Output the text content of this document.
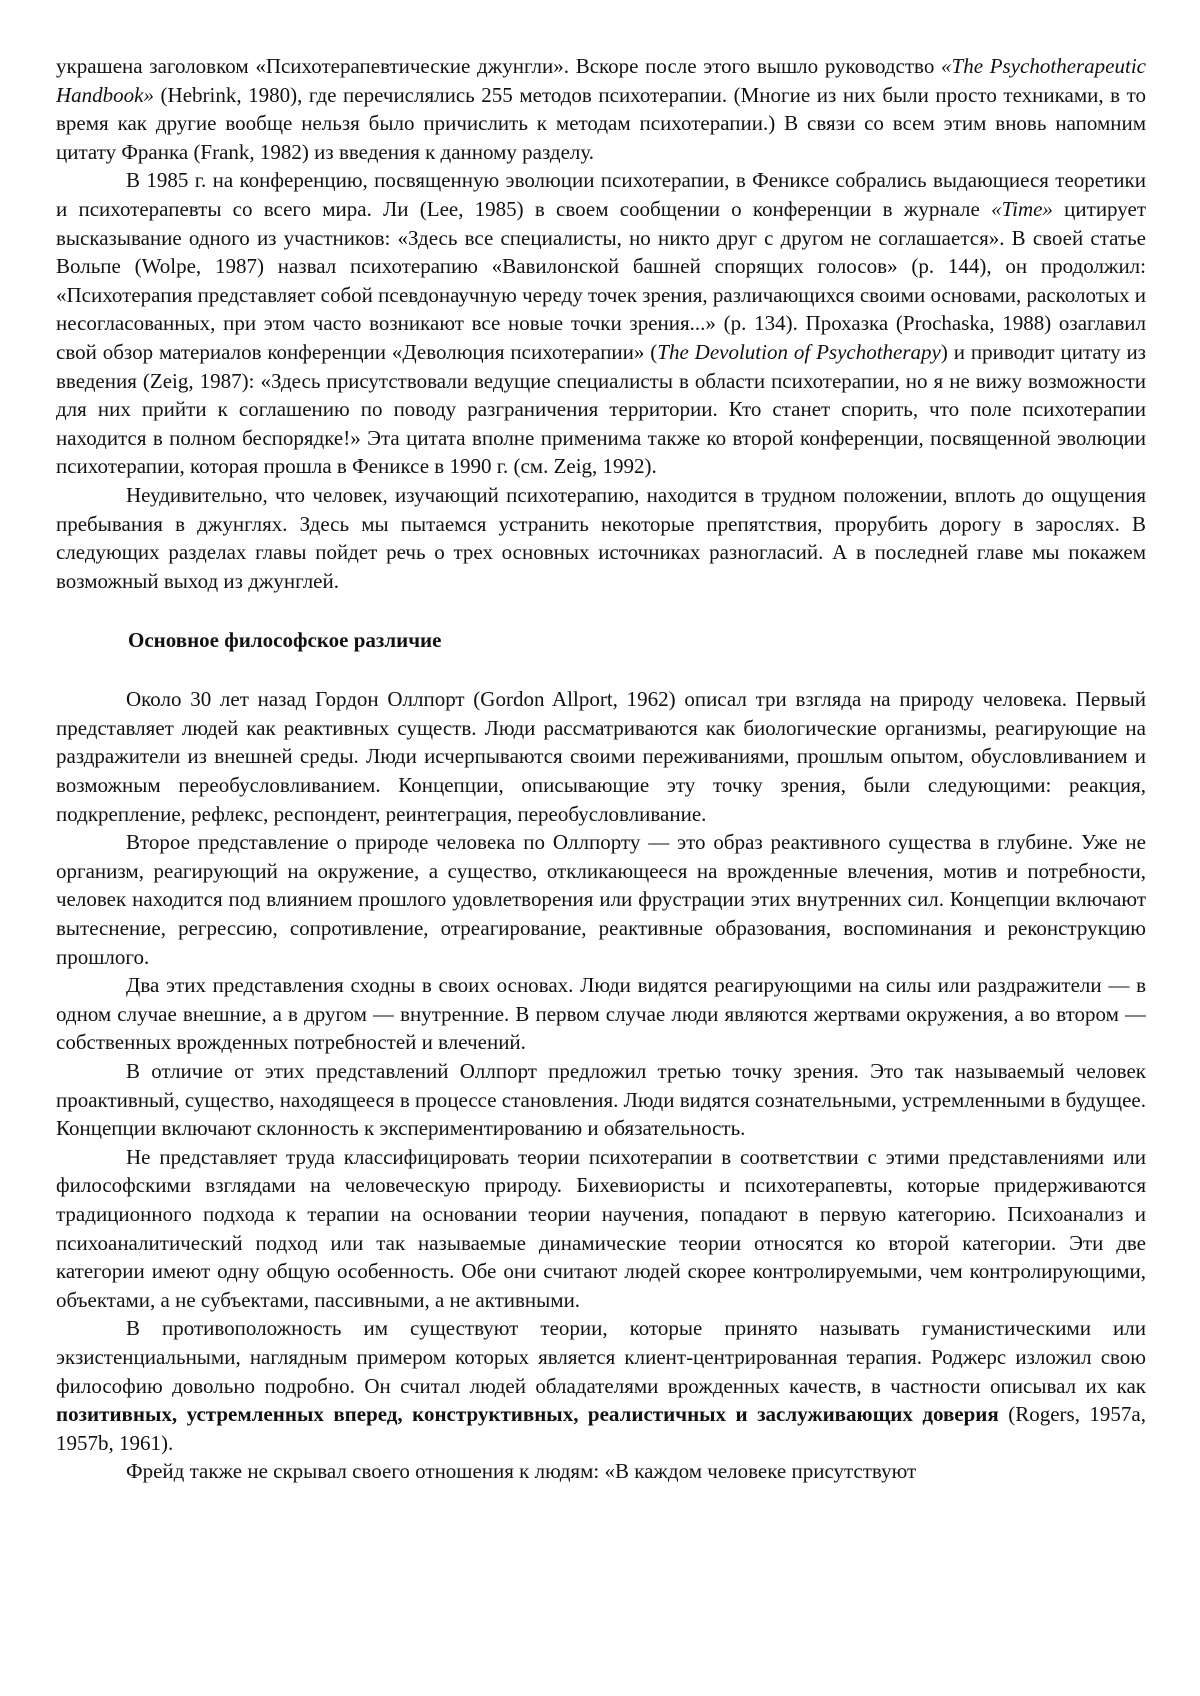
украшена заголовком «Психотерапевтические джунгли». Вскоре после этого вышло руководство «The Psychotherapeutic Handbook» (Hebrink, 1980), где перечислялись 255 методов психотерапии. (Многие из них были просто техниками, в то время как другие вообще нельзя было причислить к методам психотерапии.) В связи со всем этим вновь напомним цитату Франка (Frank, 1982) из введения к данному разделу.

В 1985 г. на конференцию, посвященную эволюции психотерапии, в Фениксе собрались выдающиеся теоретики и психотерапевты со всего мира. Ли (Lee, 1985) в своем сообщении о конференции в журнале «Time» цитирует высказывание одного из участников: «Здесь все специалисты, но никто друг с другом не соглашается». В своей статье Вольпе (Wolpe, 1987) назвал психотерапию «Вавилонской башней спорящих голосов» (р. 144), он продолжил: «Психотерапия представляет собой псевдонаучную череду точек зрения, различающихся своими основами, расколотых и несогласованных, при этом часто возникают все новые точки зрения...» (р. 134). Прохазка (Prochaska, 1988) озаглавил свой обзор материалов конференции «Деволюция психотерапии» (The Devolution of Psychotherapy) и приводит цитату из введения (Zeig, 1987): «Здесь присутствовали ведущие специалисты в области психотерапии, но я не вижу возможности для них прийти к соглашению по поводу разграничения территории. Кто станет спорить, что поле психотерапии находится в полном беспорядке!» Эта цитата вполне применима также ко второй конференции, посвященной эволюции психотерапии, которая прошла в Фениксе в 1990 г. (см. Zeig, 1992).

Неудивительно, что человек, изучающий психотерапию, находится в трудном положении, вплоть до ощущения пребывания в джунглях. Здесь мы пытаемся устранить некоторые препятствия, прорубить дорогу в зарослях. В следующих разделах главы пойдет речь о трех основных источниках разногласий. А в последней главе мы покажем возможный выход из джунглей.

Основное философское различие

Около 30 лет назад Гордон Оллпорт (Gordon Allport, 1962) описал три взгляда на природу человека. Первый представляет людей как реактивных существ. Люди рассматриваются как биологические организмы, реагирующие на раздражители из внешней среды. Люди исчерпываются своими переживаниями, прошлым опытом, обусловливанием и возможным переобусловливанием. Концепции, описывающие эту точку зрения, были следующими: реакция, подкрепление, рефлекс, респондент, реинтеграция, переобусловливание.

Второе представление о природе человека по Оллпорту — это образ реактивного существа в глубине. Уже не организм, реагирующий на окружение, а существо, откликающееся на врожденные влечения, мотив и потребности, человек находится под влиянием прошлого удовлетворения или фрустрации этих внутренних сил. Концепции включают вытеснение, регрессию, сопротивление, отреагирование, реактивные образования, воспоминания и реконструкцию прошлого.

Два этих представления сходны в своих основах. Люди видятся реагирующими на силы или раздражители — в одном случае внешние, а в другом — внутренние. В первом случае люди являются жертвами окружения, а во втором — собственных врожденных потребностей и влечений.

В отличие от этих представлений Оллпорт предложил третью точку зрения. Это так называемый человек проактивный, существо, находящееся в процессе становления. Люди видятся сознательными, устремленными в будущее. Концепции включают склонность к экспериментированию и обязательность.

Не представляет труда классифицировать теории психотерапии в соответствии с этими представлениями или философскими взглядами на человеческую природу. Бихевиористы и психотерапевты, которые придерживаются традиционного подхода к терапии на основании теории научения, попадают в первую категорию. Психоанализ и психоаналитический подход или так называемые динамические теории относятся ко второй категории. Эти две категории имеют одну общую особенность. Обе они считают людей скорее контролируемыми, чем контролирующими, объектами, а не субъектами, пассивными, а не активными.

В противоположность им существуют теории, которые принято называть гуманистическими или экзистенциальными, наглядным примером которых является клиент-центрированная терапия. Роджерс изложил свою философию довольно подробно. Он считал людей обладателями врожденных качеств, в частности описывал их как позитивных, устремленных вперед, конструктивных, реалистичных и заслуживающих доверия (Rogers, 1957a, 1957b, 1961).

Фрейд также не скрывал своего отношения к людям: «В каждом человеке присутствуют
